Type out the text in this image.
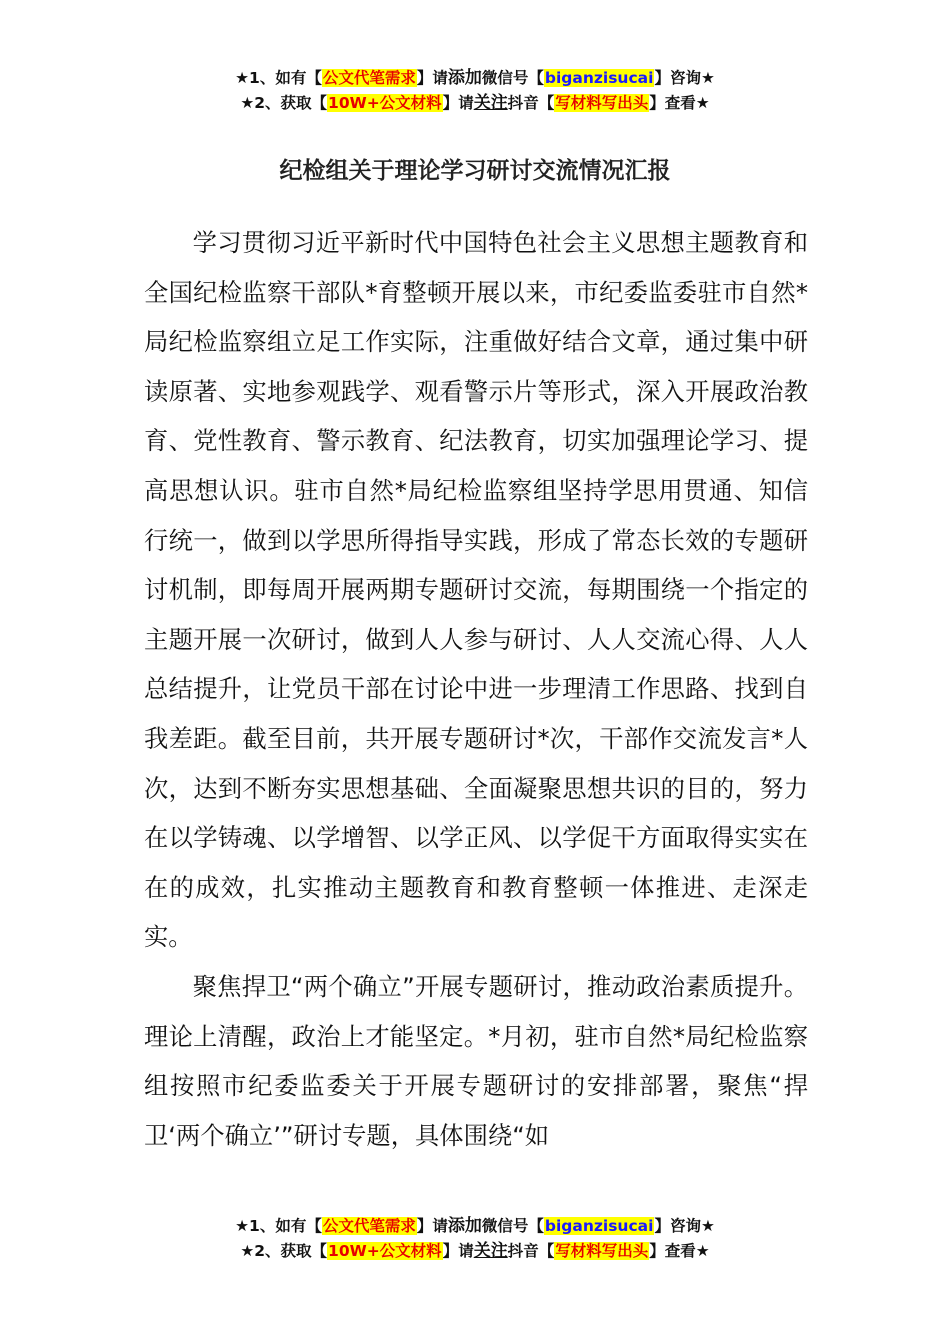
★1、如有【公文代笔需求】请添加微信号【biganzisucai】咨询★
★2、获取【10W+公文材料】请关注抖音【写材料写出头】查看★
纪检组关于理论学习研讨交流情况汇报

学习贯彻习近平新时代中国特色社会主义思想主题教育和全国纪检监察干部队*育整顿开展以来，市纪委监委驻市自然*局纪检监察组立足工作实际，注重做好结合文章，通过集中研读原著、实地参观践学、观看警示片等形式，深入开展政治教育、党性教育、警示教育、纪法教育，切实加强理论学习、提高思想认识。驻市自然*局纪检监察组坚持学思用贯通、知信行统一，做到以学思所得指导实践，形成了常态长效的专题研讨机制，即每周开展两期专题研讨交流，每期围绕一个指定的主题开展一次研讨，做到人人参与研讨、人人交流心得、人人总结提升，让党员干部在讨论中进一步理清工作思路、找到自我差距。截至目前，共开展专题研讨*次，干部作交流发言*人次，达到不断夯实思想基础、全面凝聚思想共识的目的，努力在以学铸魂、以学增智、以学正风、以学促干方面取得实实在在的成效，扎实推动主题教育和教育整顿一体推进、走深走实。

聚焦捍卫“两个确立”开展专题研讨，推动政治素质提升。理论上清醒，政治上才能坚定。*月初，驻市自然*局纪检监察组按照市纪委监委关于开展专题研讨的安排部署，聚焦“捍卫‘两个确立’”研讨专题，具体围绕“如

★1、如有【公文代笔需求】请添加微信号【biganzisucai】咨询★
★2、获取【10W+公文材料】请关注抖音【写材料写出头】查看★
